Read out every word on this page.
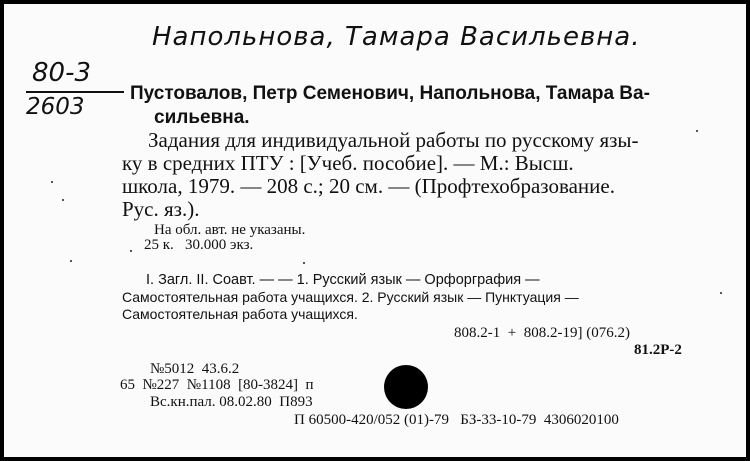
Напольнова, Тамара Васильевна.
80-3
2603
Пустовалов, Петр Семенович, Напольнова, Тамара Ва-
сильевна.
Задания для индивидуальной работы по русскому язы-
ку в средних ПТУ : [Учеб. пособие]. — М.: Высш.
школа, 1979. — 208 с.; 20 см. — (Профтехобразование.
Рус. яз.).
На обл. авт. не указаны.
25 к.   30.000 экз.
I. Загл. II. Соавт. — — 1. Русский язык — Орфорграфия —
Самостоятельная работа учащихся. 2. Русский язык — Пунктуация —
Самостоятельная работа учащихся.
808.2-1  +  808.2-19] (076.2)
81.2Р-2
№5012  43.6.2
65  №227  №1108  [80-3824]  п
Вс.кн.пал. 08.02.80  П893
П 60500-420/052 (01)-79   БЗ-33-10-79  4306020100
